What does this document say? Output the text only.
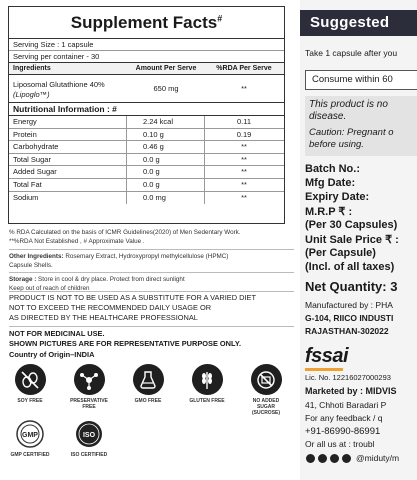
Supplement Facts#
Serving Size : 1 capsule
Serving per container - 30
Ingredients	Amount Per Serve	%RDA Per Serve
Liposomal Glutathione 40%
(Lipoglo™)
650 mg	**
Nutritional Information : #
Energy	2.24 kcal	0.11
Protein	0.10 g	0.19
Carbohydrate	0.46 g	**
Total Sugar	0.0 g	**
Added Sugar	0.0 g	**
Total Fat	0.0 g	**
Sodium	0.0 mg	**
% RDA Calculated on the basis of ICMR Guidelines(2020) of Men Sedentary Work.
**%RDA Not Established , # Approximate Value .
Other Ingredients: Rosemary Extract, Hydroxypropyl methylcellulose (HPMC)
Capsule Shells.
Storage : Store in cool & dry place. Protect from direct sunlight
Keep out of reach of children
PRODUCT IS NOT TO BE USED AS A SUBSTITUTE FOR A VARIED DIET
NOT TO EXCEED THE RECOMMENDED DAILY USAGE OR
AS DIRECTED BY THE HEALTHCARE PROFESSIONAL
NOT FOR MEDICINAL USE.
SHOWN PICTURES ARE FOR REPRESENTATIVE PURPOSE ONLY.
Country of Origin–INDIA
SOY FREE	PRESERVATIVE FREE
GMO FREE	GLUTEN FREE	NO ADDED SUGAR (SUCROSE)
GMP
GMP CERTIFIED
ISO
ISO CERTIFIED
Suggested
Take 1 capsule after you
Consume within 60
This product is no
disease.
Caution: Pregnant o
before using.
Batch No.:
Mfg Date:
Expiry Date:
M.R.P ₹ :
(Per 30 Capsules)
Unit Sale Price ₹ :
(Per Capsule)
(Incl. of all taxes)
Net Quantity: 3
Manufactured by : PHA
G-104, RIICO INDUSTI
RAJASTHAN-302022
fssai
Lic. No. 12216027000293
Marketed by : MIDVIS
41, Chhoti Baradari P
For any feedback / q
+91-86990-86991
Or all us at : troubl
@miduty/m
